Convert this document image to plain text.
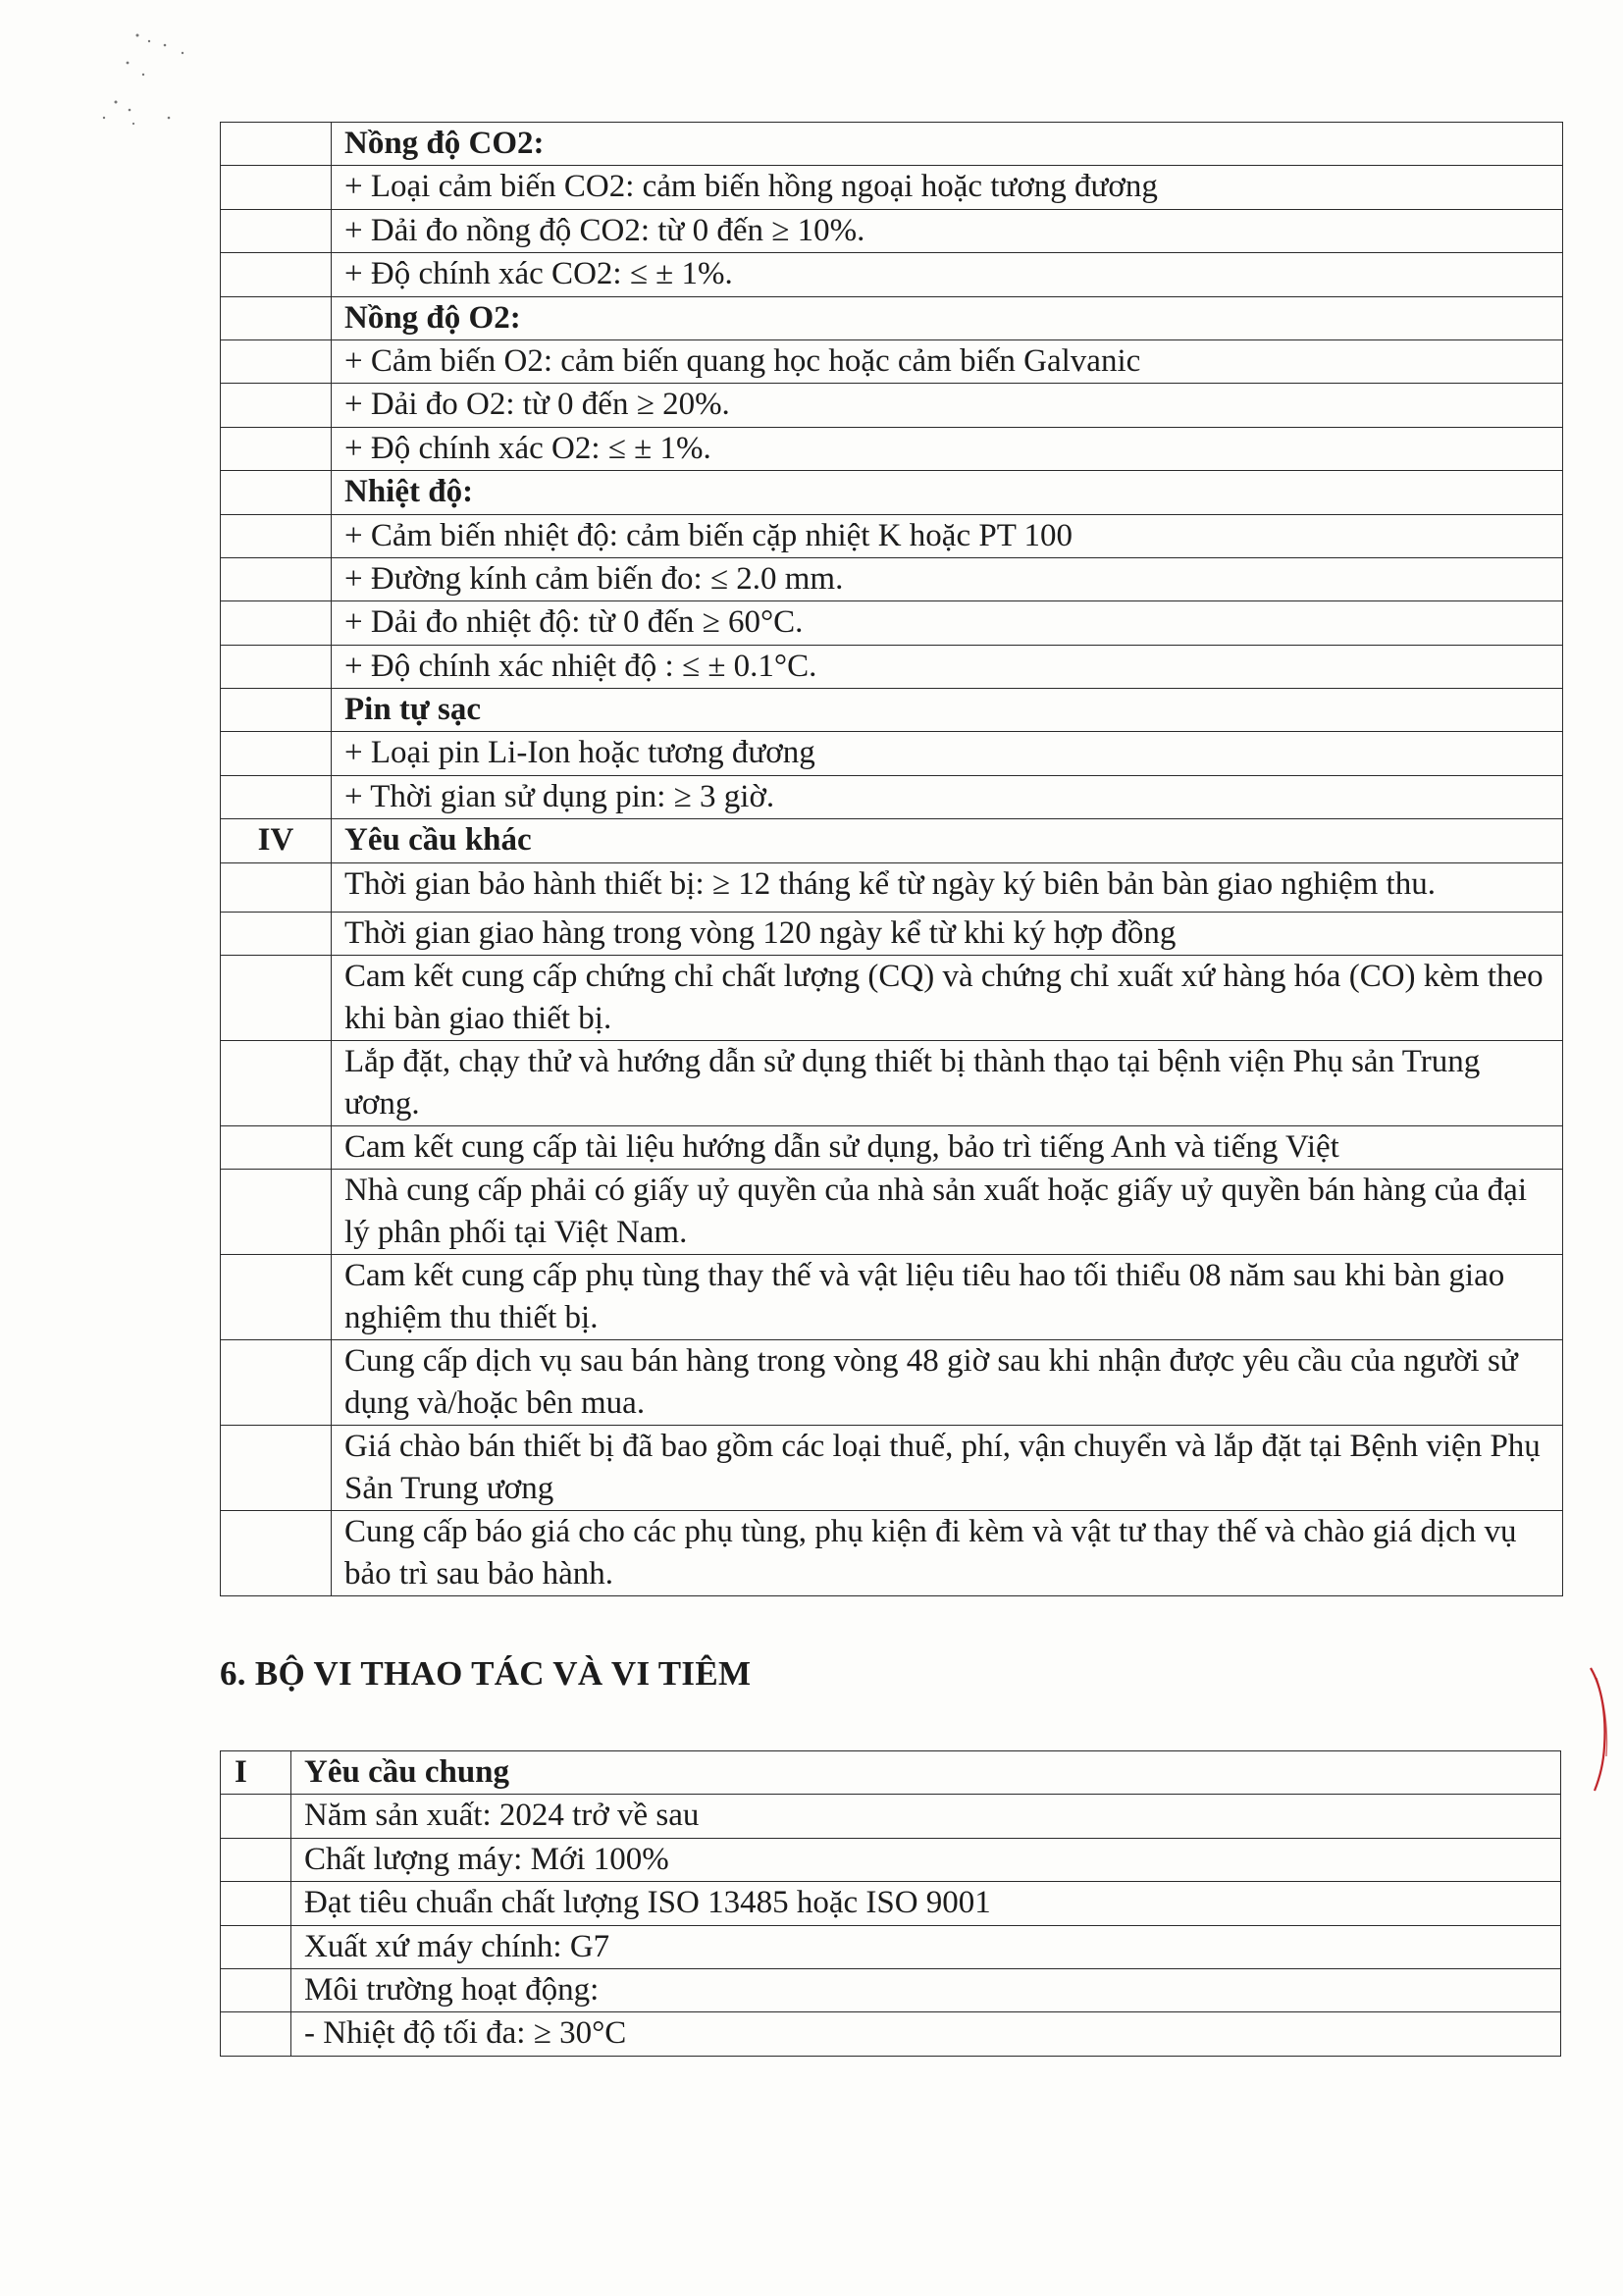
	Nồng độ CO2:
	+ Loại cảm biến CO2: cảm biến hồng ngoại hoặc tương đương
	+ Dải đo nồng độ CO2: từ 0 đến ≥ 10%.
	+ Độ chính xác CO2: ≤ ± 1%.
	Nồng độ O2:
	+ Cảm biến O2: cảm biến quang học hoặc cảm biến Galvanic
	+ Dải đo O2: từ 0 đến ≥ 20%.
	+ Độ chính xác O2: ≤ ± 1%.
	Nhiệt độ:
	+ Cảm biến nhiệt độ: cảm biến cặp nhiệt K hoặc PT 100
	+ Đường kính cảm biến đo: ≤ 2.0 mm.
	+ Dải đo nhiệt độ: từ 0 đến ≥ 60°C.
	+ Độ chính xác nhiệt độ : ≤ ± 0.1°C.
	Pin tự sạc
	+ Loại pin Li-Ion hoặc tương đương
	+ Thời gian sử dụng pin: ≥ 3 giờ.
IV	Yêu cầu khác
	Thời gian bảo hành thiết bị: ≥ 12 tháng kể từ ngày ký biên bản bàn giao nghiệm thu.
	Thời gian giao hàng trong vòng 120 ngày kể từ khi ký hợp đồng
	Cam kết cung cấp chứng chỉ chất lượng (CQ) và chứng chỉ xuất xứ hàng hóa (CO) kèm theo khi bàn giao thiết bị.
	Lắp đặt, chạy thử và hướng dẫn sử dụng thiết bị thành thạo tại bệnh viện Phụ sản Trung ương.
	Cam kết cung cấp tài liệu hướng dẫn sử dụng, bảo trì tiếng Anh và tiếng Việt
	Nhà cung cấp phải có giấy uỷ quyền của nhà sản xuất hoặc giấy uỷ quyền bán hàng của đại lý phân phối tại Việt Nam.
	Cam kết cung cấp phụ tùng thay thế và vật liệu tiêu hao tối thiểu 08 năm sau khi bàn giao nghiệm thu thiết bị.
	Cung cấp dịch vụ sau bán hàng trong vòng 48 giờ sau khi nhận được yêu cầu của người sử dụng và/hoặc bên mua.
	Giá chào bán thiết bị đã bao gồm các loại thuế, phí, vận chuyển và lắp đặt tại Bệnh viện Phụ Sản Trung ương
	Cung cấp báo giá cho các phụ tùng, phụ kiện đi kèm và vật tư thay thế và chào giá dịch vụ bảo trì sau bảo hành.
6. BỘ VI THAO TÁC VÀ VI TIÊM
I	Yêu cầu chung
	Năm sản xuất: 2024 trở về sau
	Chất lượng máy: Mới 100%
	Đạt tiêu chuẩn chất lượng ISO 13485 hoặc ISO 9001
	Xuất xứ máy chính: G7
	Môi trường hoạt động:
	- Nhiệt độ tối đa: ≥ 30°C
